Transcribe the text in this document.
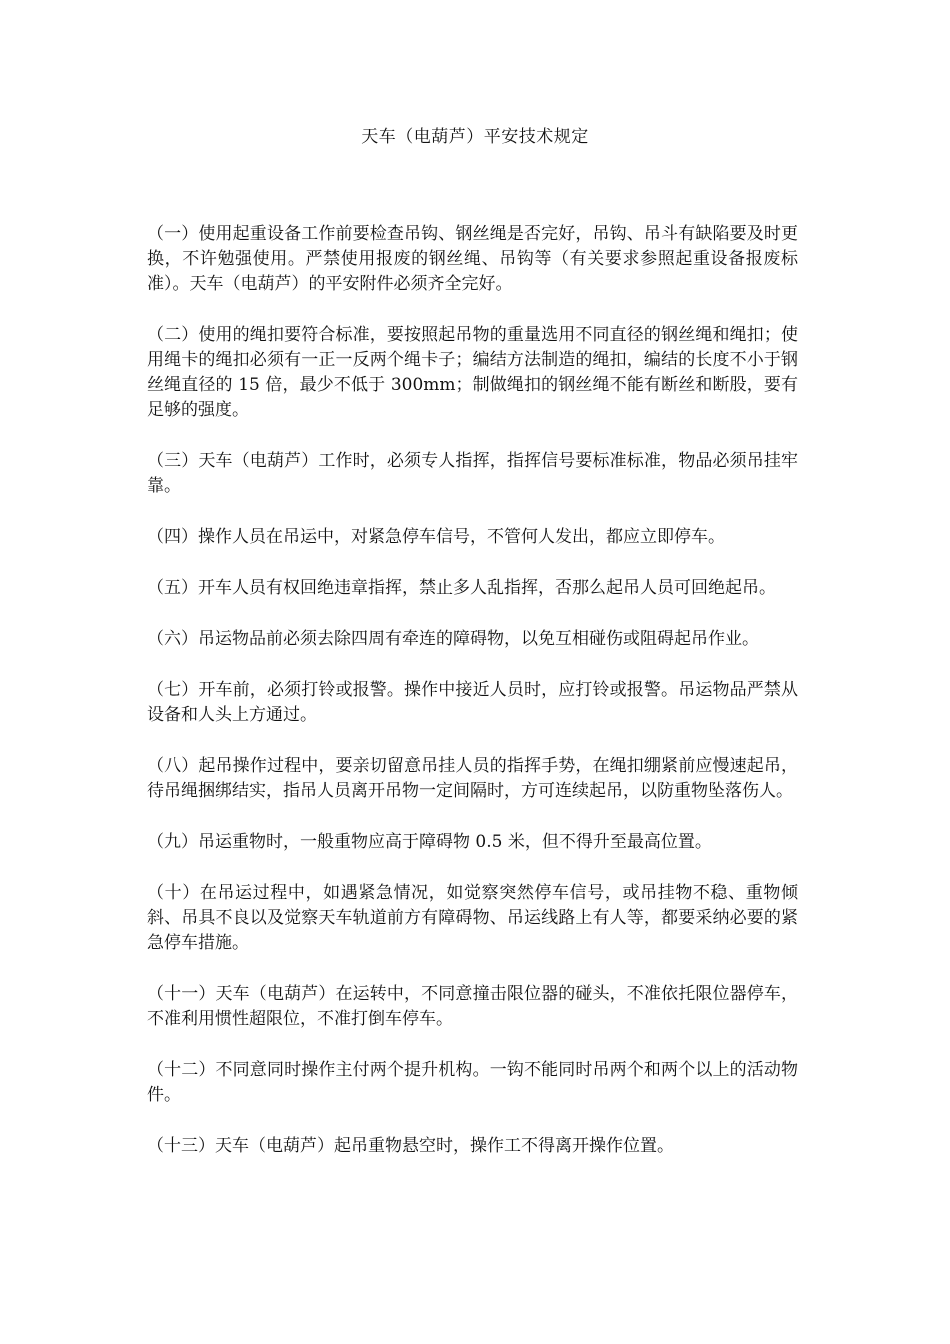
天车（电葫芦）平安技术规定

（一）使用起重设备工作前要检查吊钩、钢丝绳是否完好，吊钩、吊斗有缺陷要及时更换，不许勉强使用。严禁使用报废的钢丝绳、吊钩等（有关要求参照起重设备报废标准）。天车（电葫芦）的平安附件必须齐全完好。

（二）使用的绳扣要符合标准，要按照起吊物的重量选用不同直径的钢丝绳和绳扣；使用绳卡的绳扣必须有一正一反两个绳卡子；编结方法制造的绳扣，编结的长度不小于钢丝绳直径的 15 倍，最少不低于 300mm；制做绳扣的钢丝绳不能有断丝和断股，要有足够的强度。

（三）天车（电葫芦）工作时，必须专人指挥，指挥信号要标准标准，物品必须吊挂牢靠。

（四）操作人员在吊运中，对紧急停车信号，不管何人发出，都应立即停车。

（五）开车人员有权回绝违章指挥，禁止多人乱指挥，否那么起吊人员可回绝起吊。

（六）吊运物品前必须去除四周有牵连的障碍物，以免互相碰伤或阻碍起吊作业。

（七）开车前，必须打铃或报警。操作中接近人员时，应打铃或报警。吊运物品严禁从设备和人头上方通过。

（八）起吊操作过程中，要亲切留意吊挂人员的指挥手势，在绳扣绷紧前应慢速起吊，待吊绳捆绑结实，指吊人员离开吊物一定间隔时，方可连续起吊，以防重物坠落伤人。

（九）吊运重物时，一般重物应高于障碍物 0.5 米，但不得升至最高位置。

（十）在吊运过程中，如遇紧急情况，如觉察突然停车信号，或吊挂物不稳、重物倾斜、吊具不良以及觉察天车轨道前方有障碍物、吊运线路上有人等，都要采纳必要的紧急停车措施。

（十一）天车（电葫芦）在运转中，不同意撞击限位器的碰头，不准依托限位器停车，不准利用惯性超限位，不准打倒车停车。

（十二）不同意同时操作主付两个提升机构。一钩不能同时吊两个和两个以上的活动物件。

（十三）天车（电葫芦）起吊重物悬空时，操作工不得离开操作位置。
